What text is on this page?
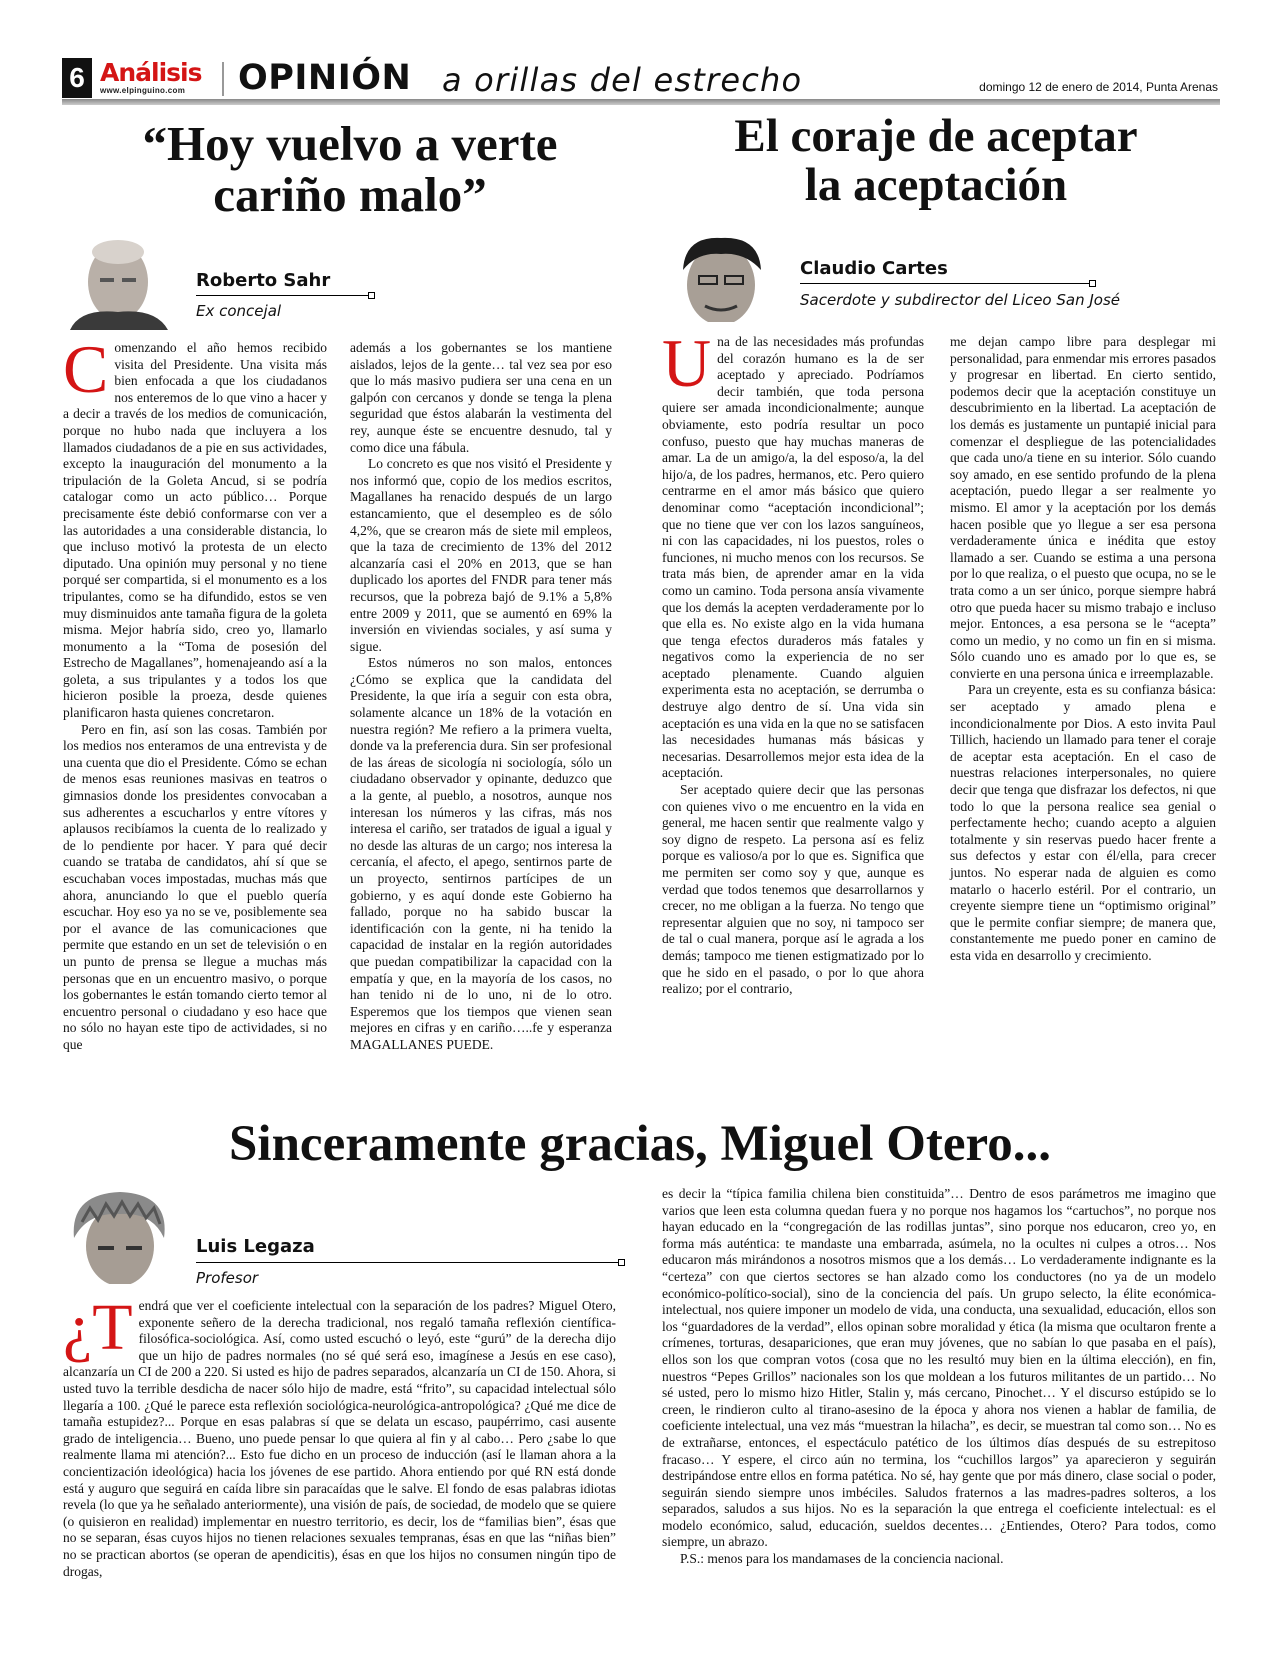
6 Análisis
www.elpinguino.com	OPINIÓN a orillas del estrecho	domingo 12 de enero de 2014, Punta Arenas
“Hoy vuelvo a verte
cariño malo”
Roberto Sahr
Ex concejal
C omenzando el año hemos recibido visita del Presidente. Una visita más bien enfocada a que los ciudadanos nos enteremos de lo que vino a hacer y a decir a través de los medios de comunicación, porque no hubo nada que incluyera a los llamados ciudadanos de a pie en sus actividades, excepto la inauguración del monumento a la tripulación de la Goleta Ancud, si se podría catalogar como un acto público… Porque precisamente éste debió conformarse con ver a las autoridades a una considerable distancia, lo que incluso motivó la protesta de un electo diputado. Una opinión muy personal y no tiene porqué ser compartida, si el monumento es a los tripulantes, como se ha difundido, estos se ven muy disminuidos ante tamaña figura de la goleta misma. Mejor habría sido, creo yo, llamarlo monumento a la “Toma de posesión del Estrecho de Magallanes”, homenajeando así a la goleta, a sus tripulantes y a todos los que hicieron posible la proeza, desde quienes planificaron hasta quienes concretaron.

Pero en fin, así son las cosas. También por los medios nos enteramos de una entrevista y de una cuenta que dio el Presidente. Cómo se echan de menos esas reuniones masivas en teatros o gimnasios donde los presidentes convocaban a sus adherentes a escucharlos y entre vítores y aplausos recibíamos la cuenta de lo realizado y de lo pendiente por hacer. Y para qué decir cuando se trataba de candidatos, ahí sí que se escuchaban voces impostadas, muchas más que ahora, anunciando lo que el pueblo quería escuchar. Hoy eso ya no se ve, posiblemente sea por el avance de las comunicaciones que permite que estando en un set de televisión o en un punto de prensa se llegue a muchas más personas que en un encuentro masivo, o porque los gobernantes le están tomando cierto temor al encuentro personal o ciudadano y eso hace que no sólo no hayan este tipo de actividades, si no que

además a los gobernantes se los mantiene aislados, lejos de la gente… tal vez sea por eso que lo más masivo pudiera ser una cena en un galpón con cercanos y donde se tenga la plena seguridad que éstos alabarán la vestimenta del rey, aunque éste se encuentre desnudo, tal y como dice una fábula.

Lo concreto es que nos visitó el Presidente y nos informó que, copio de los medios escritos, Magallanes ha renacido después de un largo estancamiento, que el desempleo es de sólo 4,2%, que se crearon más de siete mil empleos, que la taza de crecimiento de 13% del 2012 alcanzaría casi el 20% en 2013, que se han duplicado los aportes del FNDR para tener más recursos, que la pobreza bajó de 9.1% a 5,8% entre 2009 y 2011, que se aumentó en 69% la inversión en viviendas sociales, y así suma y sigue.

Estos números no son malos, entonces ¿Cómo se explica que la candidata del Presidente, la que iría a seguir con esta obra, solamente alcance un 18% de la votación en nuestra región? Me refiero a la primera vuelta, donde va la preferencia dura. Sin ser profesional de las áreas de sicología ni sociología, sólo un ciudadano observador y opinante, deduzco que a la gente, al pueblo, a nosotros, aunque nos interesan los números y las cifras, más nos interesa el cariño, ser tratados de igual a igual y no desde las alturas de un cargo; nos interesa la cercanía, el afecto, el apego, sentirnos parte de un proyecto, sentirnos partícipes de un gobierno, y es aquí donde este Gobierno ha fallado, porque no ha sabido buscar la identificación con la gente, ni ha tenido la capacidad de instalar en la región autoridades que puedan compatibilizar la capacidad con la empatía y que, en la mayoría de los casos, no han tenido ni de lo uno, ni de lo otro. Esperemos que los tiempos que vienen sean mejores en cifras y en cariño…..fe y esperanza MAGALLANES PUEDE.

El coraje de aceptar
la aceptación
Claudio Cartes
Sacerdote y subdirector del Liceo San José
U na de las necesidades más profundas del corazón humano es la de ser aceptado y apreciado. Podríamos decir también, que toda persona quiere ser amada incondicionalmente; aunque obviamente, esto podría resultar un poco confuso, puesto que hay muchas maneras de amar. La de un amigo/a, la del esposo/a, la del hijo/a, de los padres, hermanos, etc. Pero quiero centrarme en el amor más básico que quiero denominar como “aceptación incondicional”; que no tiene que ver con los lazos sanguíneos, ni con las capacidades, ni los puestos, roles o funciones, ni mucho menos con los recursos. Se trata más bien, de aprender amar en la vida como un camino. Toda persona ansía vivamente que los demás la acepten verdaderamente por lo que ella es. No existe algo en la vida humana que tenga efectos duraderos más fatales y negativos como la experiencia de no ser aceptado plenamente. Cuando alguien experimenta esta no aceptación, se derrumba o destruye algo dentro de sí. Una vida sin aceptación es una vida en la que no se satisfacen las necesidades humanas más básicas y necesarias. Desarrollemos mejor esta idea de la aceptación.

Ser aceptado quiere decir que las personas con quienes vivo o me encuentro en la vida en general, me hacen sentir que realmente valgo y soy digno de respeto. La persona así es feliz porque es valioso/a por lo que es. Significa que me permiten ser como soy y que, aunque es verdad que todos tenemos que desarrollarnos y crecer, no me obligan a la fuerza. No tengo que representar alguien que no soy, ni tampoco ser de tal o cual manera, porque así le agrada a los demás; tampoco me tienen estigmatizado por lo que he sido en el pasado, o por lo que ahora realizo; por el contrario,

me dejan campo libre para desplegar mi personalidad, para enmendar mis errores pasados y progresar en libertad. En cierto sentido, podemos decir que la aceptación constituye un descubrimiento en la libertad. La aceptación de los demás es justamente un puntapié inicial para comenzar el despliegue de las potencialidades que cada uno/a tiene en su interior. Sólo cuando soy amado, en ese sentido profundo de la plena aceptación, puedo llegar a ser realmente yo mismo. El amor y la aceptación por los demás hacen posible que yo llegue a ser esa persona verdaderamente única e inédita que estoy llamado a ser. Cuando se estima a una persona por lo que realiza, o el puesto que ocupa, no se le trata como a un ser único, porque siempre habrá otro que pueda hacer su mismo trabajo e incluso mejor. Entonces, a esa persona se le “acepta” como un medio, y no como un fin en si misma. Sólo cuando uno es amado por lo que es, se convierte en una persona única e irreemplazable.

Para un creyente, esta es su confianza básica: ser aceptado y amado plena e incondicionalmente por Dios. A esto invita Paul Tillich, haciendo un llamado para tener el coraje de aceptar esta aceptación. En el caso de nuestras relaciones interpersonales, no quiere decir que tenga que disfrazar los defectos, ni que todo lo que la persona realice sea genial o perfectamente hecho; cuando acepto a alguien totalmente y sin reservas puedo hacer frente a sus defectos y estar con él/ella, para crecer juntos. No esperar nada de alguien es como matarlo o hacerlo estéril. Por el contrario, un creyente siempre tiene un “optimismo original” que le permite confiar siempre; de manera que, constantemente me puedo poner en camino de esta vida en desarrollo y crecimiento.

Sinceramente gracias, Miguel Otero...
Luis Legaza
Profesor
¿T endrá que ver el coeficiente intelectual con la separación de los padres? Miguel Otero, exponente señero de la derecha tradicional, nos regaló tamaña reflexión científica-filosófica-sociológica. Así, como usted escuchó o leyó, este “gurú” de la derecha dijo que un hijo de padres normales (no sé qué será eso, imagínese a Jesús en ese caso), alcanzaría un CI de 200 a 220. Si usted es hijo de padres separados, alcanzaría un CI de 150. Ahora, si usted tuvo la terrible desdicha de nacer sólo hijo de madre, está “frito”, su capacidad intelectual sólo llegaría a 100. ¿Qué le parece esta reflexión sociológica-neurológica-antropológica? ¿Qué me dice de tamaña estupidez?... Porque en esas palabras sí que se delata un escaso, paupérrimo, casi ausente grado de inteligencia… Bueno, uno puede pensar lo que quiera al fin y al cabo… Pero ¿sabe lo que realmente llama mi atención?... Esto fue dicho en un proceso de inducción (así le llaman ahora a la concientización ideológica) hacia los jóvenes de ese partido. Ahora entiendo por qué RN está donde está y auguro que seguirá en caída libre sin paracaídas que le salve. El fondo de esas palabras idiotas revela (lo que ya he señalado anteriormente), una visión de país, de sociedad, de modelo que se quiere (o quisieron en realidad) implementar en nuestro territorio, es decir, los de “familias bien”, ésas que no se separan, ésas cuyos hijos no tienen relaciones sexuales tempranas, ésas en que las “niñas bien” no se practican abortos (se operan de apendicitis), ésas en que los hijos no consumen ningún tipo de drogas,

es decir la “típica familia chilena bien constituida”… Dentro de esos parámetros me imagino que varios que leen esta columna quedan fuera y no porque nos hagamos los “cartuchos”, no porque nos hayan educado en la “congregación de las rodillas juntas”, sino porque nos educaron, creo yo, en forma más auténtica: te mandaste una embarrada, asúmela, no la ocultes ni culpes a otros… Nos educaron más mirándonos a nosotros mismos que a los demás… Lo verdaderamente indignante es la “certeza” con que ciertos sectores se han alzado como los conductores (no ya de un modelo económico-político-social), sino de la conciencia del país. Un grupo selecto, la élite económica-intelectual, nos quiere imponer un modelo de vida, una conducta, una sexualidad, educación, ellos son los “guardadores de la verdad”, ellos opinan sobre moralidad y ética (la misma que ocultaron frente a crímenes, torturas, desapariciones, que eran muy jóvenes, que no sabían lo que pasaba en el país), ellos son los que compran votos (cosa que no les resultó muy bien en la última elección), en fin, nuestros “Pepes Grillos” nacionales son los que moldean a los futuros militantes de un partido… No sé usted, pero lo mismo hizo Hitler, Stalin y, más cercano, Pinochet… Y el discurso estúpido se lo creen, le rindieron culto al tirano-asesino de la época y ahora nos vienen a hablar de familia, de coeficiente intelectual, una vez más “muestran la hilacha”, es decir, se muestran tal como son… No es de extrañarse, entonces, el espectáculo patético de los últimos días después de su estrepitoso fracaso… Y espere, el circo aún no termina, los “cuchillos largos” ya aparecieron y seguirán destripándose entre ellos en forma patética. No sé, hay gente que por más dinero, clase social o poder, seguirán siendo siempre unos imbéciles. Saludos fraternos a las madres-padres solteros, a los separados, saludos a sus hijos. No es la separación la que entrega el coeficiente intelectual: es el modelo económico, salud, educación, sueldos decentes… ¿Entiendes, Otero? Para todos, como siempre, un abrazo.

P.S.: menos para los mandamases de la conciencia nacional.
